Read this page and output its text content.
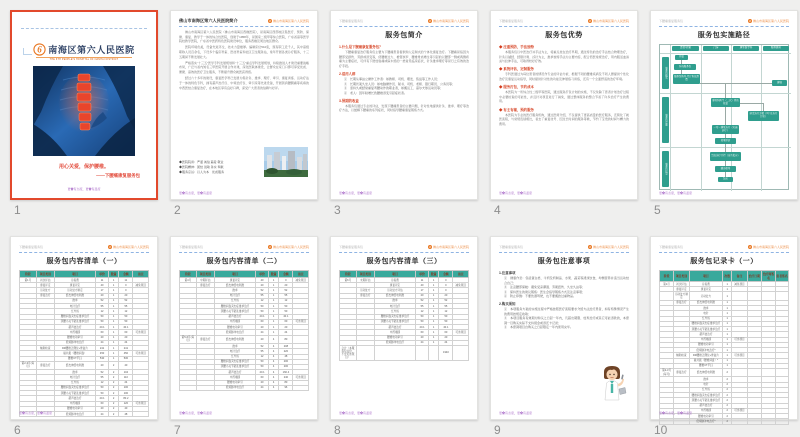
6 南海区第六人民医院
THE 6TH PEOPLE'S HOSPITAL OF NANHAI DISTRICT
用心关爱，保护腰椎。
——下腰痛康复服务包
更✿有态度，更✿有温度
1
佛山市南海区第六人民医院简介	6 佛山市南海区第六人民医院
佛山市南海区第六人民医院（佛山市南海区西樵医院），是南海区西部地区集医疗、预防、保健、康复、教学于一体的综合性医院，创建于1958年，是国家二级甲等综合医院，广东省高等医学院校教学医院，广东省中医药特色医院建设单位，服务西樵及周边地区群众。
医院环境优美，设备先进齐全，技术力量雄厚。编制床位510张，现有职工近千人，其中高级职称人员百余名，下设多个临床科室、医技科室和社区卫生服务站，常年开展各类诊疗服务，十三五期间不断发展壮大。
严格落实“十三五”医学专科发展规划和“十三五”重点学科发展规划，持续推进人才建设重要战略布局，广泛与省内知名三甲医院开展合作共建，深化医联体建设，让群众在家门口即可享受优质、便捷、高效的医疗卫生服务，不断提升群众就医获得感。
经过六十多年的建设，康复医学科已发展为集针灸、推拿、理疗、牵引、康复训练、运动疗法于一体的特色专科，拥有超声治疗仪、中频治疗仪、牵引床等先进设备，开展颈肩腰腿痛等疾病的中西医结合康复治疗，在本地区享有良好口碑，深受广大患者的信赖与好评。
◆医院院训：严谨 诚信 慈爱 敬业
◆医院精神：团结 进取 务实 奉献
◆服务宗旨：以人为本　优质服务
更✿有态度，更✿有温度
2
下腰痛康复服务包	6 佛山市南海区第六人民医院
服务包简介
1.什么是下腰痛康复服务包？
下腰痛康复治疗服务包主要为下腰痛患者提供购人定制式的个体化康复治疗。下腰痛是指因为腰部受损伤、劳损或退变等，使腰椎过大、椎管狭窄、腰椎骨质增生等引起的以腰部一侧或两侧疼痛为主要症状，可伴有下肢放射痛或麻木感的一类常见临床症状，针灸推拿理疗等是行之有效的治疗手段。
2.适用人群
①　长期从事站立操作工作者：如教师、司机、理发、售货等工作人员；
②　长期伏案久坐人员：如电脑操作员、秘书、司机、老师、银行职员、公务员等；
③　需持久或经常重复弯腰动作的职业者，如搬运工、高尔夫球运动员等；
④　老人：因年龄增长致腰椎退变引起症状者。
3.预期的收益
本服务包通过专业的评估，发现下腰痛患者的主要问题，针对性地提供针灸、推拿、理疗等治疗方法，以缓解下腰痛的系列症状，同时指导腰痛康复锻炼方式。
更✿有态度，更✿有温度
3
下腰痛康复服务包	6 佛山市南海区第六人民医院
服务包优势
◆ 注重预防，手法独特
本服务包以中医治疗补手法为主，将重点放在治疗早期，通过特色的治疗手法结合物理治疗，针灸以循经、经筋针刺、浮针为主，推拿独特手法为主要内容，配合西医常规治疗，用内服活血消炎与拉伸手法，可取得较好疗效。
◆ 系统评估，定制服务
专科医通过为每位患者的情况作专业的评估分析，根据不同的腰椎疾病及不同人群提供个性化治疗及康复运动指导，同时提供针对性的功能及伸展练习训练，还有一个全面舒适的治疗环境。
◆ 服务打包，节约成本
本医院为一所综合性二级甲等医院，通过服务打包计划的实施，不仅免除了患者计划治疗过程中必要检查的可能性，并且针对项目进行了减免，通过整体服务的整合节省了许多治疗产生的费用。
◆ 有主有辅，预约服务
本医院为专业的医疗服务机构，通过医师介绍，不仅提供了更高质量的医疗服务，还简化了就医流程，与常规连续相比，省去了重复挂号、因过长时间的服务等候，节约了宝贵的时间与精力的费用。
更✿有态度，更✿有温度
4
下腰痛康复服务包	6 佛山市南海区第六人民医院
服务包实施路径
患者/家属	门诊	康复医学科	服务随访
服务包购买
服务包实施
服务包结束
开始
咨询服务包
服务包购买·签订协议缴费
建档
康复科医生（二次）评估检查
制定治疗方案（3个月治疗计划）
一对一康复治疗（实施治疗）
效果评估
完成治疗疗程（出具报告）
随访指导
结束
更✿有态度，更✿有温度
5
下腰痛康复服务包	6 佛山市南海区第六人民医院
服务包内容清单（一）
阶段	项目类别	项目	单价	数量	金额	备注
第1月	初次评估	诊查费	11	1	11	
	康复评定	康复评定	40	1	0	减免项目
	运动处方	运动处方制定	17	1	0	
	康复治疗	经皮神经电刺激	20	1	20	
		推拿	52	1	52	
		电针治疗	55	1	55	
		红外线	12	1	12	
		腰椎间盘突出症推拿治疗	50	1	50	
		颈腰小关节紊乱推拿治疗	50	1	50	
		超声波治疗	40.1	1	40.1	
		中药塌渍	60	1	60	可选项目
		腰椎电动牵引	20	1	20	
		低频脉冲电治疗	24	1	24	
	辅助检查	DR腰椎正侧位+骨盆片	241	1	241	
		磁共振（腰椎间盘）	450	1	450	可选项目
		腰椎CT平扫	530	1	530	
第2-3月(每月)	康复治疗	经皮神经电刺激	20	2	40	
		推拿	52	2	104	
		电针治疗	55	2	110	
		红外线	12	2	24	
		腰椎间盘突出症推拿治疗	50	2	100	
		颈腰小关节紊乱推拿治疗	50	2	100	
		超声波治疗	40.1	2	80.2	
		中药塌渍	60	2	120	可选项目
		腰椎电动牵引	20	2	40	
		低频脉冲电治疗	24	2	48	
更✿有态度，更✿有温度
6
下腰痛康复服务包	6 佛山市南海区第六人民医院
服务包内容清单（二）
阶段	项目类别	项目	单价	数量	金额	备注
第4月	中期评估	康复评定	40	1	0	减免项目
	康复治疗	经皮神经电刺激	20	1	20	
		推拿	52	1	52	
		电针治疗	55	1	55	
		红外线	12	1	12	
		腰椎间盘突出症推拿治疗	50	1	50	
		颈腰小关节紊乱推拿治疗	50	1	50	
		超声波治疗	40.1	1	40.1	
		中药塌渍	60	1	60	可选项目
		腰椎电动牵引	20	1	20	
		低频脉冲电治疗	24	1	24	
第5-6月(每月)	康复治疗	经皮神经电刺激	20	4	80	
		推拿	52	4	208	
		电针治疗	55	4	220	
		红外线	12	4	48	
		腰椎间盘突出症推拿治疗	50	4	200	
		颈腰小关节紊乱推拿治疗	50	4	200	
		超声波治疗	40.1	4	160.4	
		中药塌渍	60	4	240	可选项目
		腰椎电动牵引	20	4	80	
		低频脉冲电治疗	24	4	96	
更✿有态度，更✿有温度
7
下腰痛康复服务包	6 佛山市南海区第六人民医院
服务包内容清单（三）
阶段	项目类别	项目	单价	数量	金额	备注
第6月	末期评估	诊查费	11	1	0	
		康复评定	40	1	0	减免项目
	运动处方	运动处方评估	17	1	0	
	康复治疗	经皮神经电刺激	20	1	20	
		推拿	52	1	52	
		电针治疗	55	1	55	
		红外线	12	1	12	
		腰椎间盘突出症推拿治疗	50	1	50	
		颈腰小关节紊乱推拿治疗	50	1	50	
		超声波治疗	40.1	1	40.1	
		中药塌渍	60	1	60	可选项目
		腰椎电动牵引	20	1	20	
		低频脉冲电治疗	24	1	24	
合计（本服务包总价，不含可选项目）					1940	
更✿有态度，更✿有温度
8
下腰痛康复服务包	6 佛山市南海区第六人民医院
服务包注意事项
1.注意事项
①　健康作息：包括蛋白类、牛奶及奶制品、水果、蔬菜等清淡饮食，均衡营养并适当运动结合自己；
②　注意腰部保暖：避免受凉潮湿、劳累扭伤、久坐久站等；
③　保持医生的建议锻炼：医生会指导锻炼方式及注意事项；
④　防止摔倒：不要饮酒驾驶，也不要搬抬过重物品。
2.购买须知
①　本项服务方案的实施过程中严格按照医疗流程要求介绍方法治疗患者，如有特殊情况产生的费用按规定收取；
②　本项目服务有效期为购买之日起一年内，凡超出期限、放弃治疗或其它可能退款的，本套餐一旦购买实际不支持现金或退还卡记录；
③　本套餐项目自购买之日起限定一年内使用完毕。
更✿有态度，更✿有温度
9
下腰痛康复服务包	6 佛山市南海区第六人民医院
服务包记录卡（一）
阶段	项目类别	项目	次数	备注	治疗日期	治疗师签名	患者签名
第1月	初次评估	诊查费	1	减免项目			
	康复评定	康复评定	1				
	运动处方制定	运动处方	1				
	康复治疗	经皮神经电刺激	1				
		推拿	1				
		电针	1				
		红外线	1				
		腰椎间盘突出症推拿治疗	1				
		颈腰小关节紊乱推拿治疗	1				
		超声波治疗	1				
		中药塌渍	1	可选项目			
		腰椎电动牵引	1				
		低频脉冲电治疗*	1				
	辅助检查	DR腰椎正侧位+骨盆片	1	可选项目			
		磁共振（腰椎间盘）*	1				
		腰椎CT平扫	1				
第2-3月(每月)	康复治疗	经皮神经电刺激	2				
		推拿	2				
		电针	2				
		红外线	2				
		腰椎间盘突出症推拿治疗	2				
		颈腰小关节紊乱推拿治疗	2				
		超声波治疗	2				
		中药塌渍	2	可选项目			
		腰椎电动牵引	2				
		低频脉冲电治疗*	2				
更✿有态度，更✿有温度
10
